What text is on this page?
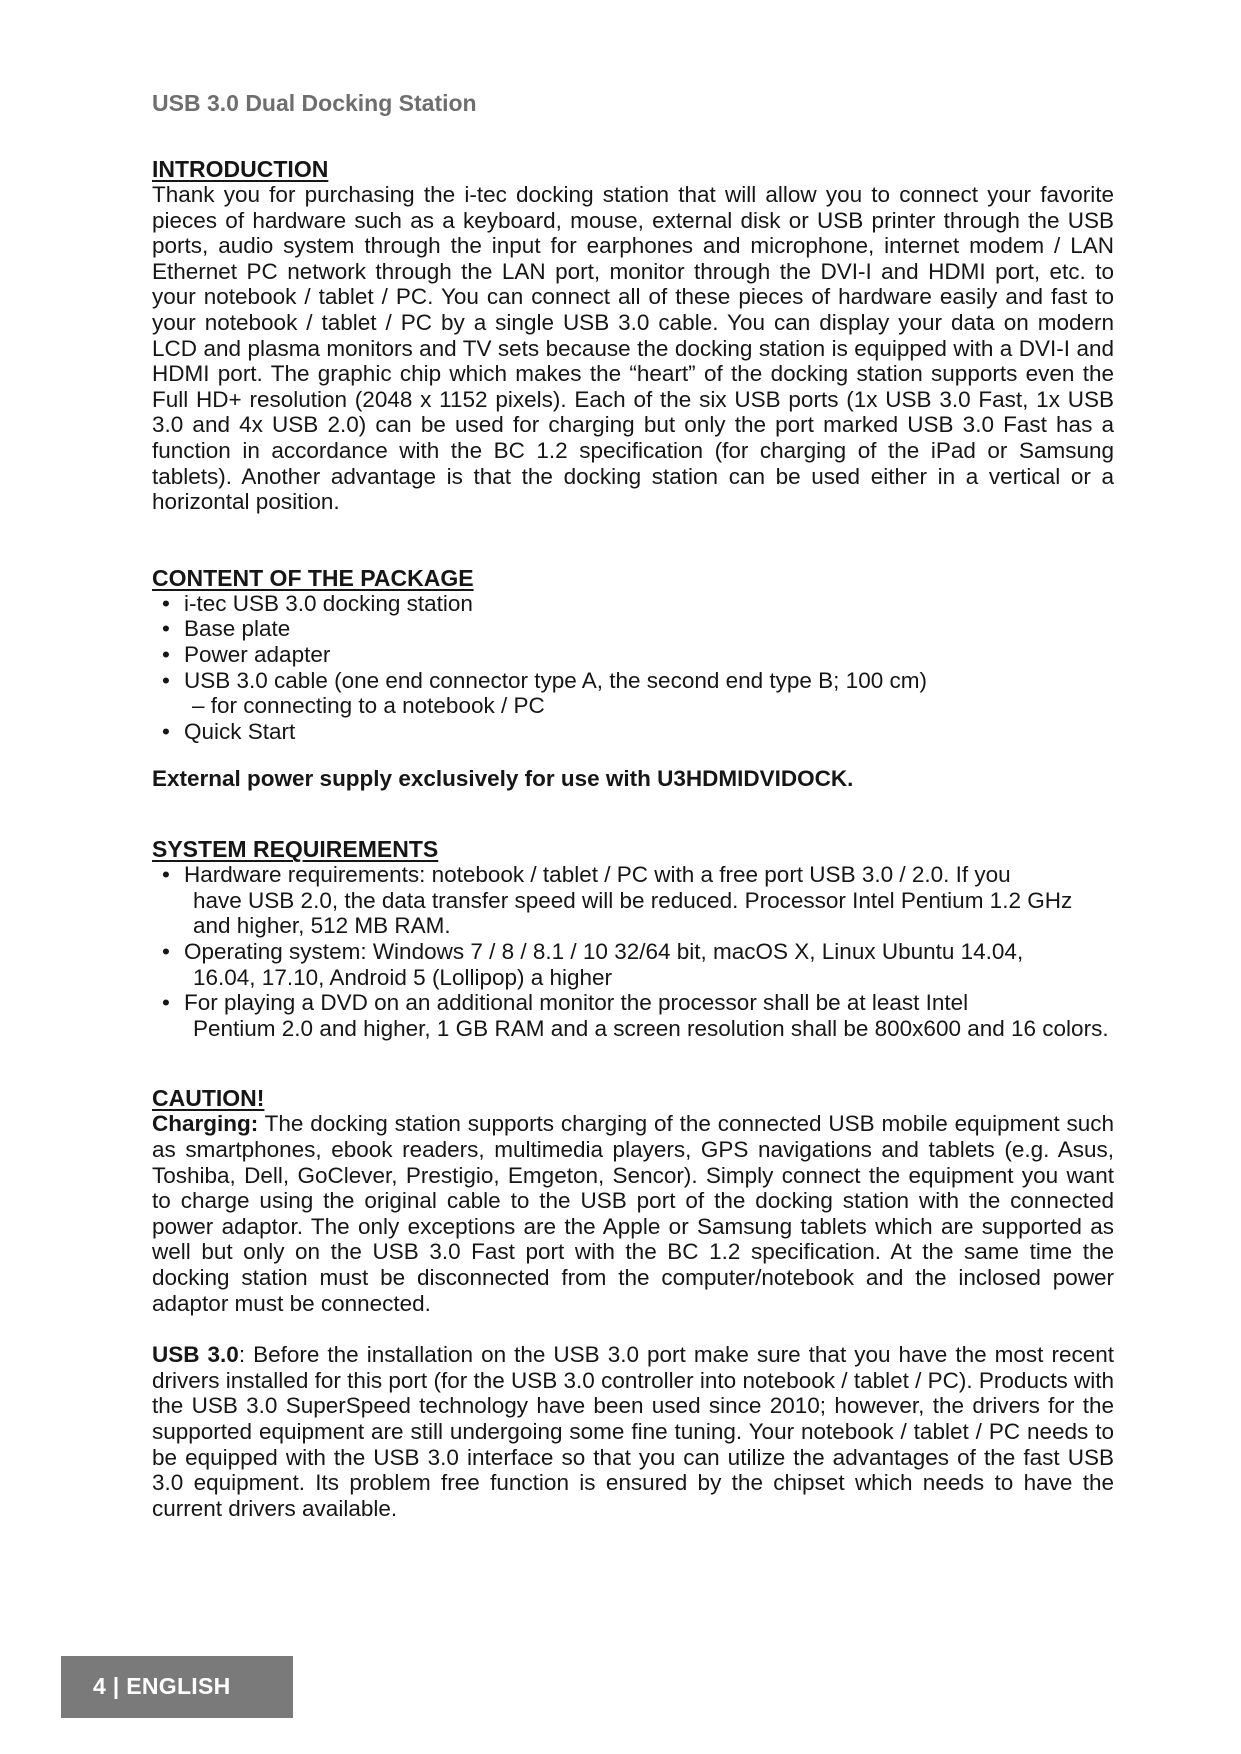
USB 3.0 Dual Docking Station
INTRODUCTION

Thank you for purchasing the i-tec docking station that will allow you to connect your favorite pieces of hardware such as a keyboard, mouse, external disk or USB printer through the USB ports, audio system through the input for earphones and microphone, internet modem / LAN Ethernet PC network through the LAN port, monitor through the DVI-I and HDMI port, etc. to your notebook / tablet / PC. You can connect all of these pieces of hardware easily and fast to your notebook / tablet / PC by a single USB 3.0 cable. You can display your data on modern LCD and plasma monitors and TV sets because the docking station is equipped with a DVI-I and HDMI port. The graphic chip which makes the “heart” of the docking station supports even the Full HD+ resolution (2048 x 1152 pixels). Each of the six USB ports (1x USB 3.0 Fast, 1x USB 3.0 and 4x USB 2.0) can be used for charging but only the port marked USB 3.0 Fast has a function in accordance with the BC 1.2 specification (for charging of the iPad or Samsung tablets). Another advantage is that the docking station can be used either in a vertical or a horizontal position.

CONTENT OF THE PACKAGE
• i-tec USB 3.0 docking station
• Base plate
• Power adapter
• USB 3.0 cable (one end connector type A, the second end type B; 100 cm)
– for connecting to a notebook / PC
• Quick Start

External power supply exclusively for use with U3HDMIDVIDOCK.

SYSTEM REQUIREMENTS
• Hardware requirements: notebook / tablet / PC with a free port USB 3.0 / 2.0. If you
have USB 2.0, the data transfer speed will be reduced. Processor Intel Pentium 1.2 GHz and higher, 512 MB RAM.
• Operating system: Windows 7 / 8 / 8.1 / 10 32/64 bit, macOS X, Linux Ubuntu 14.04,
16.04, 17.10, Android 5 (Lollipop) a higher
• For playing a DVD on an additional monitor the processor shall be at least Intel
Pentium 2.0 and higher, 1 GB RAM and a screen resolution shall be 800x600 and 16 colors.
CAUTION!

Charging: The docking station supports charging of the connected USB mobile equipment such as smartphones, ebook readers, multimedia players, GPS navigations and tablets (e.g. Asus, Toshiba, Dell, GoClever, Prestigio, Emgeton, Sencor). Simply connect the equipment you want to charge using the original cable to the USB port of the docking station with the connected power adaptor. The only exceptions are the Apple or Samsung tablets which are supported as well but only on the USB 3.0 Fast port with the BC 1.2 specification. At the same time the docking station must be disconnected from the computer/notebook and the inclosed power adaptor must be connected.

USB 3.0: Before the installation on the USB 3.0 port make sure that you have the most recent drivers installed for this port (for the USB 3.0 controller into notebook / tablet / PC). Products with the USB 3.0 SuperSpeed technology have been used since 2010; however, the drivers for the supported equipment are still undergoing some fine tuning. Your notebook / tablet / PC needs to be equipped with the USB 3.0 interface so that you can utilize the advantages of the fast USB 3.0 equipment. Its problem free function is ensured by the chipset which needs to have the current drivers available.

4 | ENGLISH
